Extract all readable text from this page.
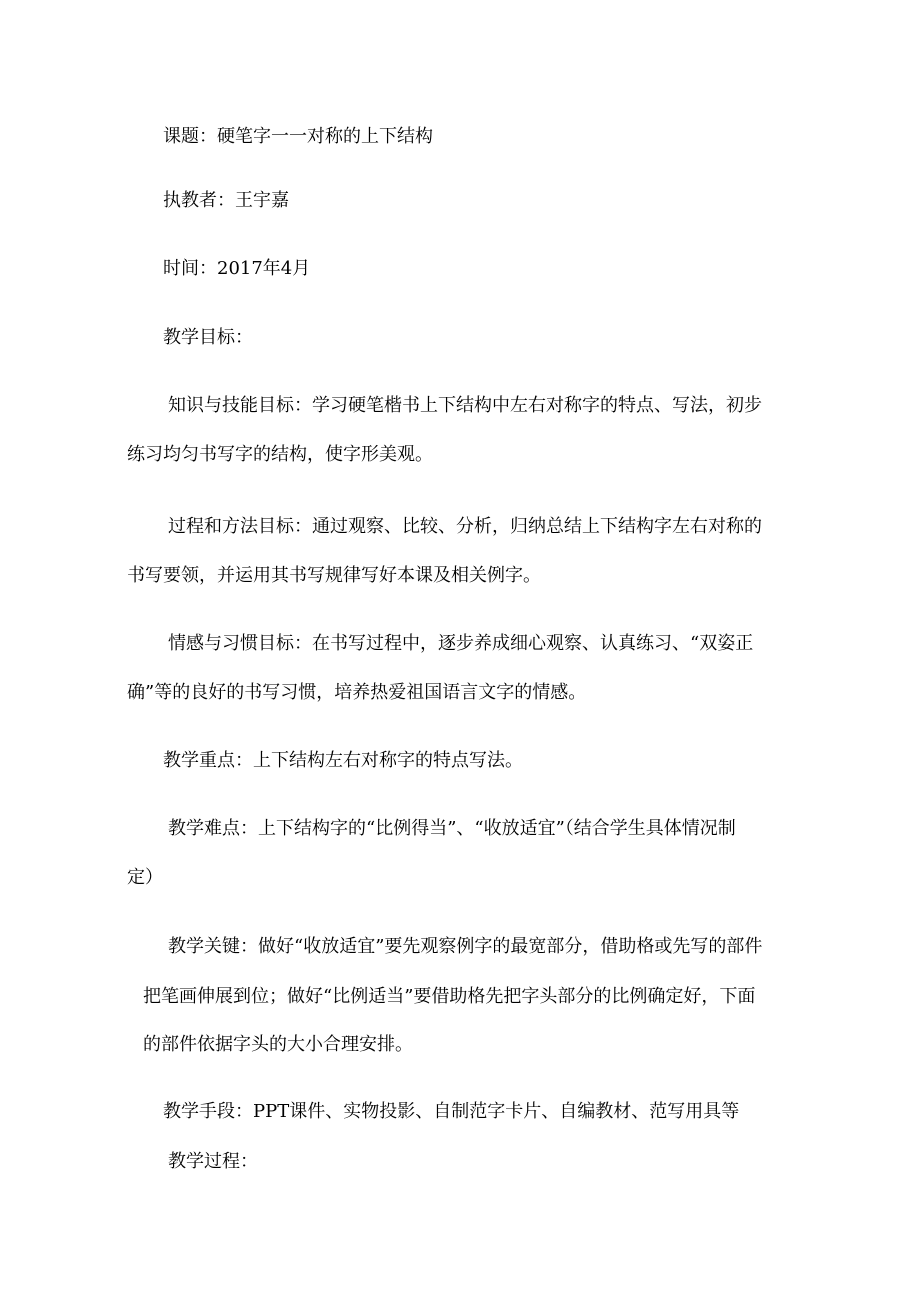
课题：硬笔字一一对称的上下结构
执教者：王宇嘉
时间：2017年4月
教学目标：
知识与技能目标：学习硬笔楷书上下结构中左右对称字的特点、写法，初步
练习均匀书写字的结构，使字形美观。
过程和方法目标：通过观察、比较、分析，归纳总结上下结构字左右对称的
书写要领，并运用其书写规律写好本课及相关例字。
情感与习惯目标：在书写过程中，逐步养成细心观察、认真练习、“双姿正
确”等的良好的书写习惯，培养热爱祖国语言文字的情感。
教学重点：上下结构左右对称字的特点写法。
教学难点：上下结构字的“比例得当”、“收放适宜”（结合学生具体情况制
定）
教学关键：做好“收放适宜”要先观察例字的最宽部分，借助格或先写的部件
把笔画伸展到位；做好“比例适当”要借助格先把字头部分的比例确定好，下面
的部件依据字头的大小合理安排。
教学手段：PPT课件、实物投影、自制范字卡片、自编教材、范写用具等
教学过程：
